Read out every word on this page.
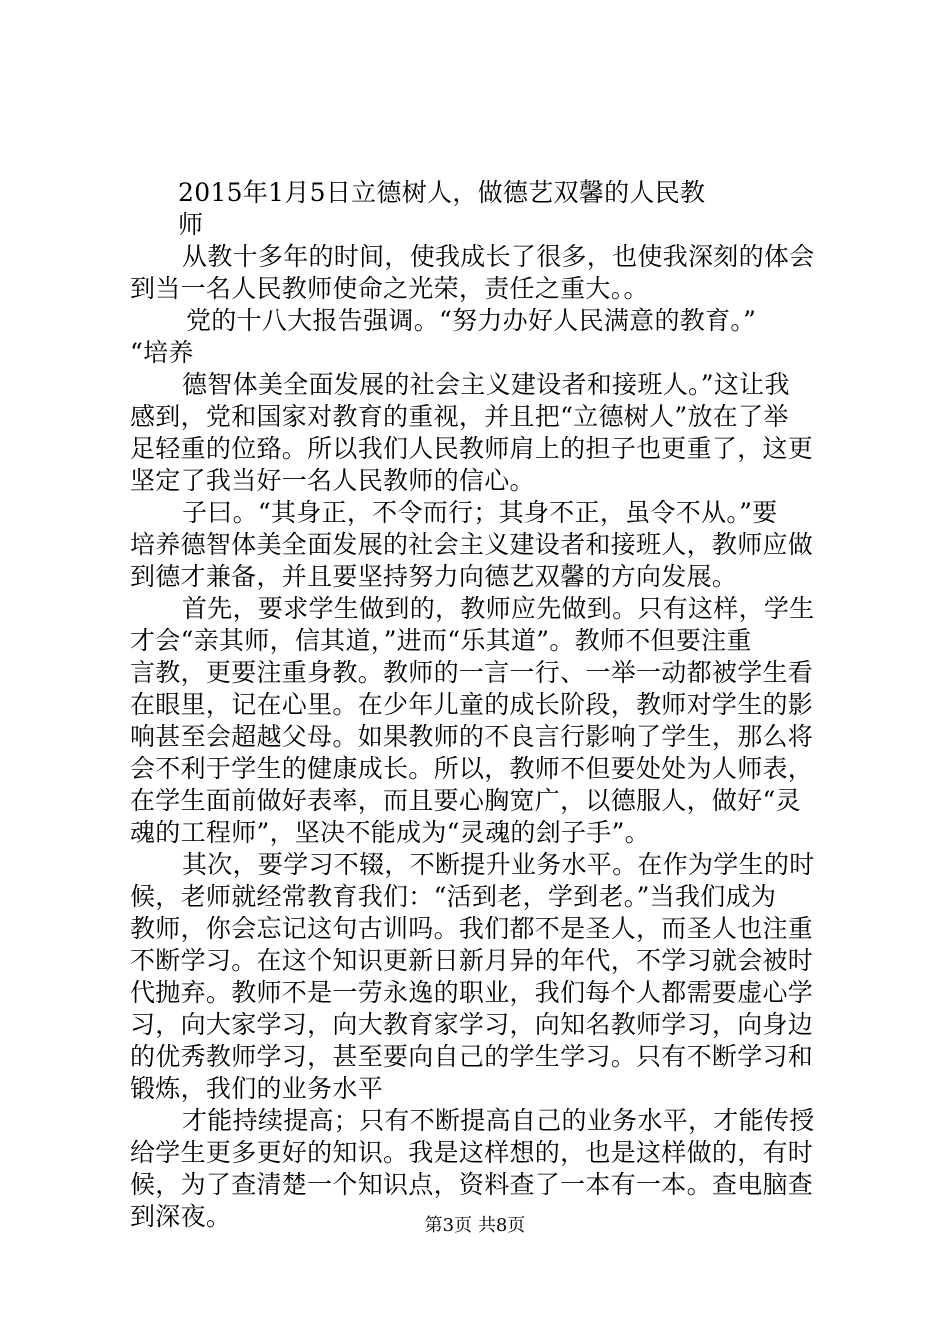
2015年1月5日立德树人，做德艺双馨的人民教
师
从教十多年的时间，使我成长了很多，也使我深刻的体会
到当一名人民教师使命之光荣，责任之重大。。
党的十八大报告强调。“努力办好人民满意的教育。”
“培养
德智体美全面发展的社会主义建设者和接班人。”这让我
感到，党和国家对教育的重视，并且把“立德树人”放在了举
足轻重的位臵。所以我们人民教师肩上的担子也更重了，这更
坚定了我当好一名人民教师的信心。
子曰。“其身正，不令而行；其身不正，虽令不从。”要
培养德智体美全面发展的社会主义建设者和接班人，教师应做
到德才兼备，并且要坚持努力向德艺双馨的方向发展。
首先，要求学生做到的，教师应先做到。只有这样，学生
才会“亲其师，信其道，”进而“乐其道”。教师不但要注重
言教，更要注重身教。教师的一言一行、一举一动都被学生看
在眼里，记在心里。在少年儿童的成长阶段，教师对学生的影
响甚至会超越父母。如果教师的不良言行影响了学生，那么将
会不利于学生的健康成长。所以，教师不但要处处为人师表，
在学生面前做好表率，而且要心胸宽广，以德服人，做好“灵
魂的工程师”，坚决不能成为“灵魂的刽子手”。
其次，要学习不辍，不断提升业务水平。在作为学生的时
候，老师就经常教育我们：“活到老，学到老。”当我们成为
教师，你会忘记这句古训吗。我们都不是圣人，而圣人也注重
不断学习。在这个知识更新日新月异的年代，不学习就会被时
代抛弃。教师不是一劳永逸的职业，我们每个人都需要虚心学
习，向大家学习，向大教育家学习，向知名教师学习，向身边
的优秀教师学习，甚至要向自己的学生学习。只有不断学习和
锻炼，我们的业务水平
才能持续提高；只有不断提高自己的业务水平，才能传授
给学生更多更好的知识。我是这样想的，也是这样做的，有时
候，为了查清楚一个知识点，资料查了一本有一本。查电脑查
到深夜。	第3页 共8页
